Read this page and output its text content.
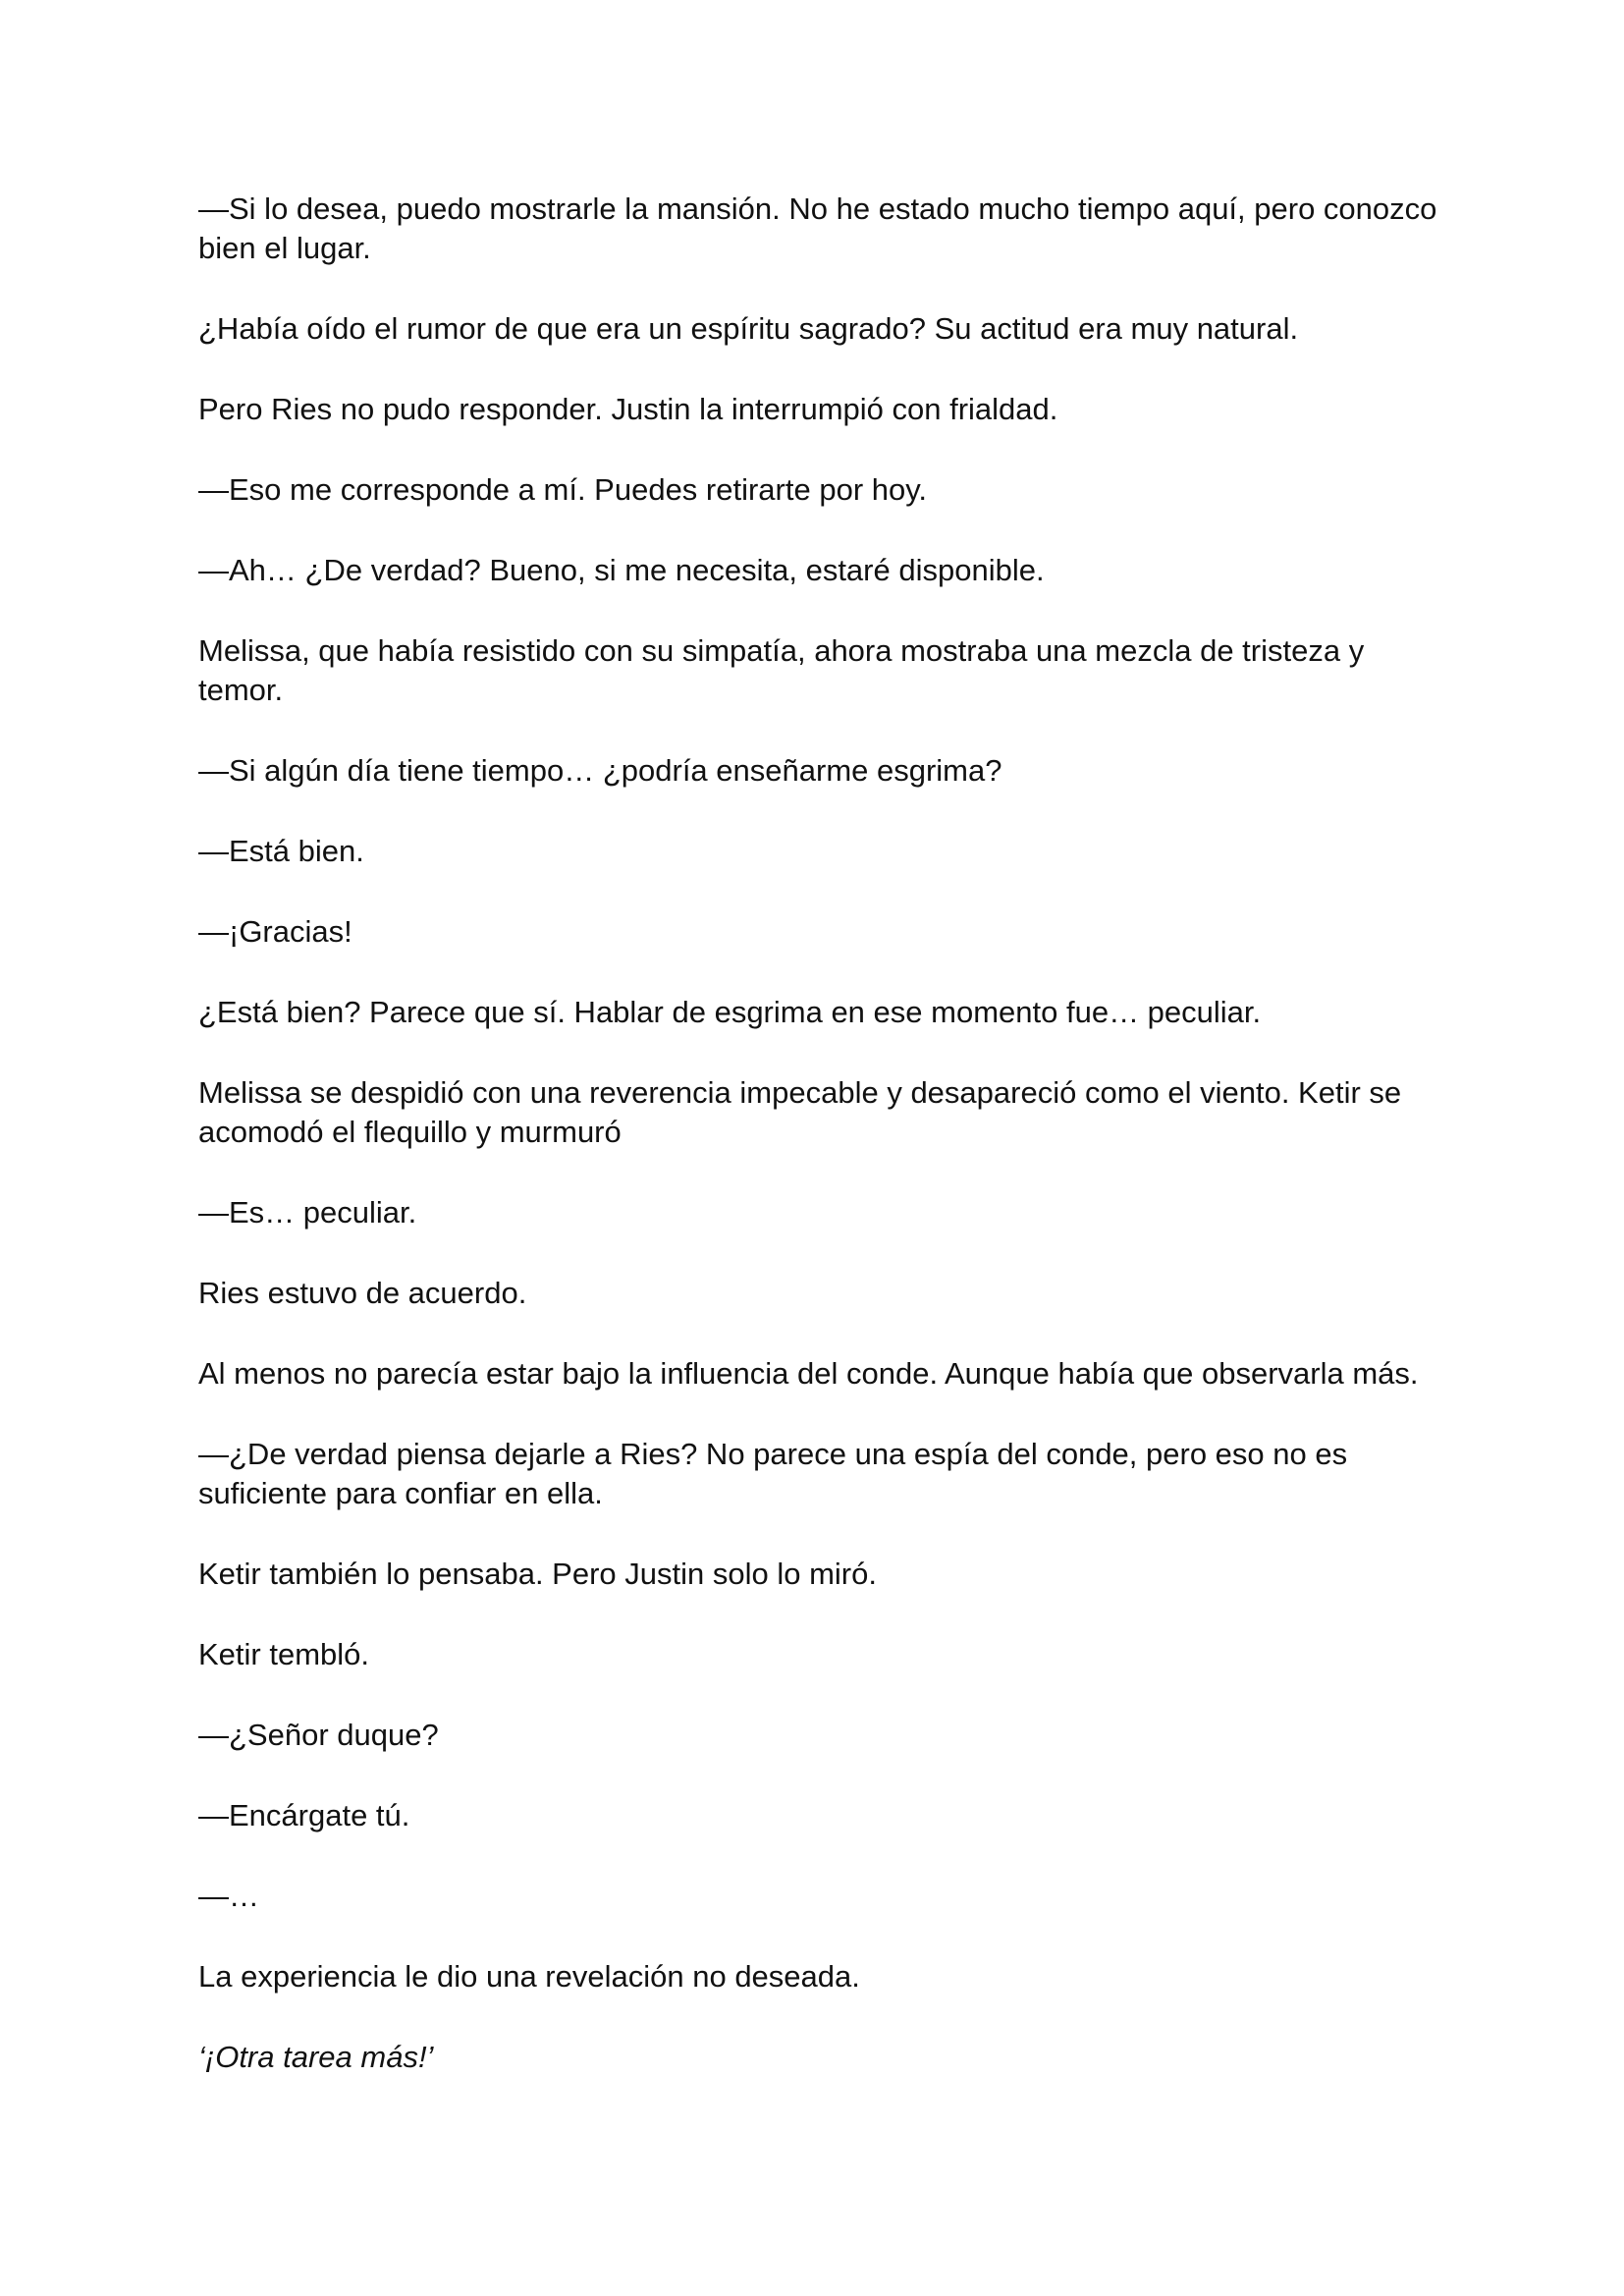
—Si lo desea, puedo mostrarle la mansión. No he estado mucho tiempo aquí, pero conozco bien el lugar.

¿Había oído el rumor de que era un espíritu sagrado? Su actitud era muy natural.

Pero Ries no pudo responder. Justin la interrumpió con frialdad.

—Eso me corresponde a mí. Puedes retirarte por hoy.

—Ah… ¿De verdad? Bueno, si me necesita, estaré disponible.

Melissa, que había resistido con su simpatía, ahora mostraba una mezcla de tristeza y temor.

—Si algún día tiene tiempo… ¿podría enseñarme esgrima?

—Está bien.

—¡Gracias!

¿Está bien? Parece que sí. Hablar de esgrima en ese momento fue… peculiar.

Melissa se despidió con una reverencia impecable y desapareció como el viento. Ketir se acomodó el flequillo y murmuró

—Es… peculiar.

Ries estuvo de acuerdo.

Al menos no parecía estar bajo la influencia del conde. Aunque había que observarla más.

—¿De verdad piensa dejarle a Ries? No parece una espía del conde, pero eso no es suficiente para confiar en ella.

Ketir también lo pensaba. Pero Justin solo lo miró.

Ketir tembló.

—¿Señor duque?

—Encárgate tú.

—…

La experiencia le dio una revelación no deseada.

‘¡Otra tarea más!’
